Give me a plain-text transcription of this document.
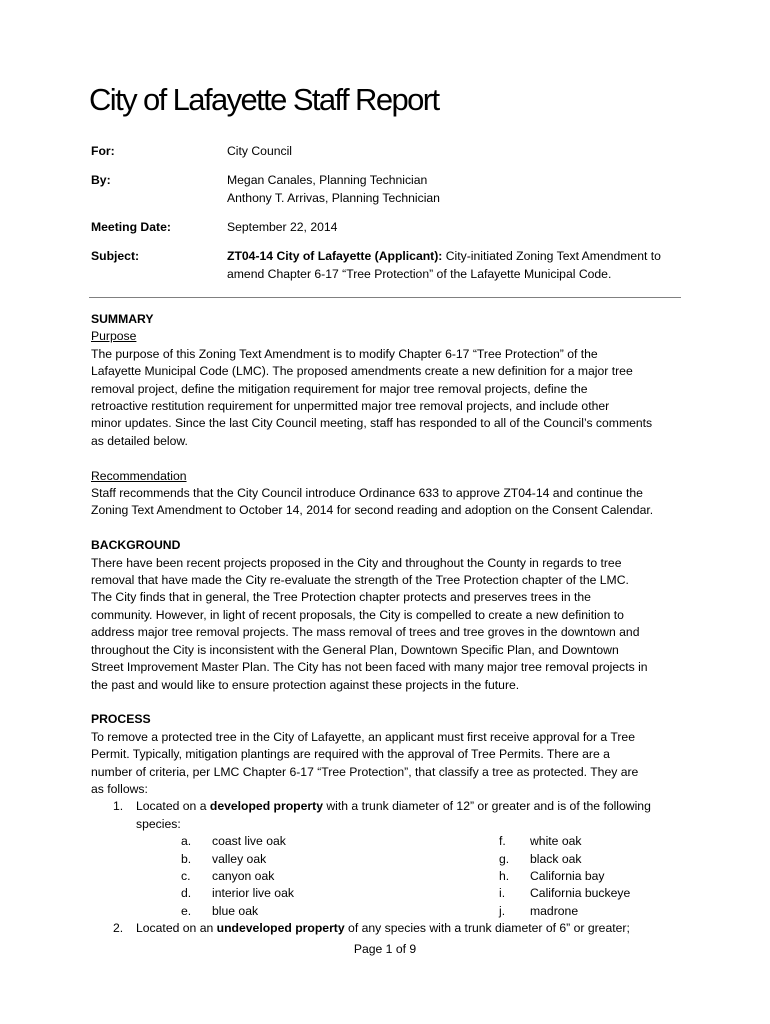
City of Lafayette Staff Report
For:	City Council
By:	Megan Canales, Planning Technician
Anthony T. Arrivas, Planning Technician
Meeting Date:	September 22, 2014
Subject:	ZT04-14 City of Lafayette (Applicant): City-initiated Zoning Text Amendment to
amend Chapter 6-17 “Tree Protection” of the Lafayette Municipal Code.

SUMMARY

Purpose

The purpose of this Zoning Text Amendment is to modify Chapter 6-17 “Tree Protection” of the

Lafayette Municipal Code (LMC). The proposed amendments create a new definition for a major tree

removal project, define the mitigation requirement for major tree removal projects, define the

retroactive restitution requirement for unpermitted major tree removal projects, and include other

minor updates. Since the last City Council meeting, staff has responded to all of the Council’s comments

as detailed below.

Recommendation

Staff recommends that the City Council introduce Ordinance 633 to approve ZT04-14 and continue the

Zoning Text Amendment to October 14, 2014 for second reading and adoption on the Consent Calendar.

BACKGROUND

There have been recent projects proposed in the City and throughout the County in regards to tree

removal that have made the City re-evaluate the strength of the Tree Protection chapter of the LMC.

The City finds that in general, the Tree Protection chapter protects and preserves trees in the

community. However, in light of recent proposals, the City is compelled to create a new definition to

address major tree removal projects. The mass removal of trees and tree groves in the downtown and

throughout the City is inconsistent with the General Plan, Downtown Specific Plan, and Downtown

Street Improvement Master Plan. The City has not been faced with many major tree removal projects in

the past and would like to ensure protection against these projects in the future.

PROCESS

To remove a protected tree in the City of Lafayette, an applicant must first receive approval for a Tree

Permit. Typically, mitigation plantings are required with the approval of Tree Permits. There are a

number of criteria, per LMC Chapter 6-17 “Tree Protection”, that classify a tree as protected. They are

as follows:

1. Located on a developed property with a trunk diameter of 12” or greater and is of the following
species:
a. coast live oak
b. valley oak
c. canyon oak
d. interior live oak
e. blue oak
f. white oak
g. black oak
h. California bay
i. California buckeye
j. madrone
2. Located on an undeveloped property of any species with a trunk diameter of 6” or greater;
Page 1 of 9
